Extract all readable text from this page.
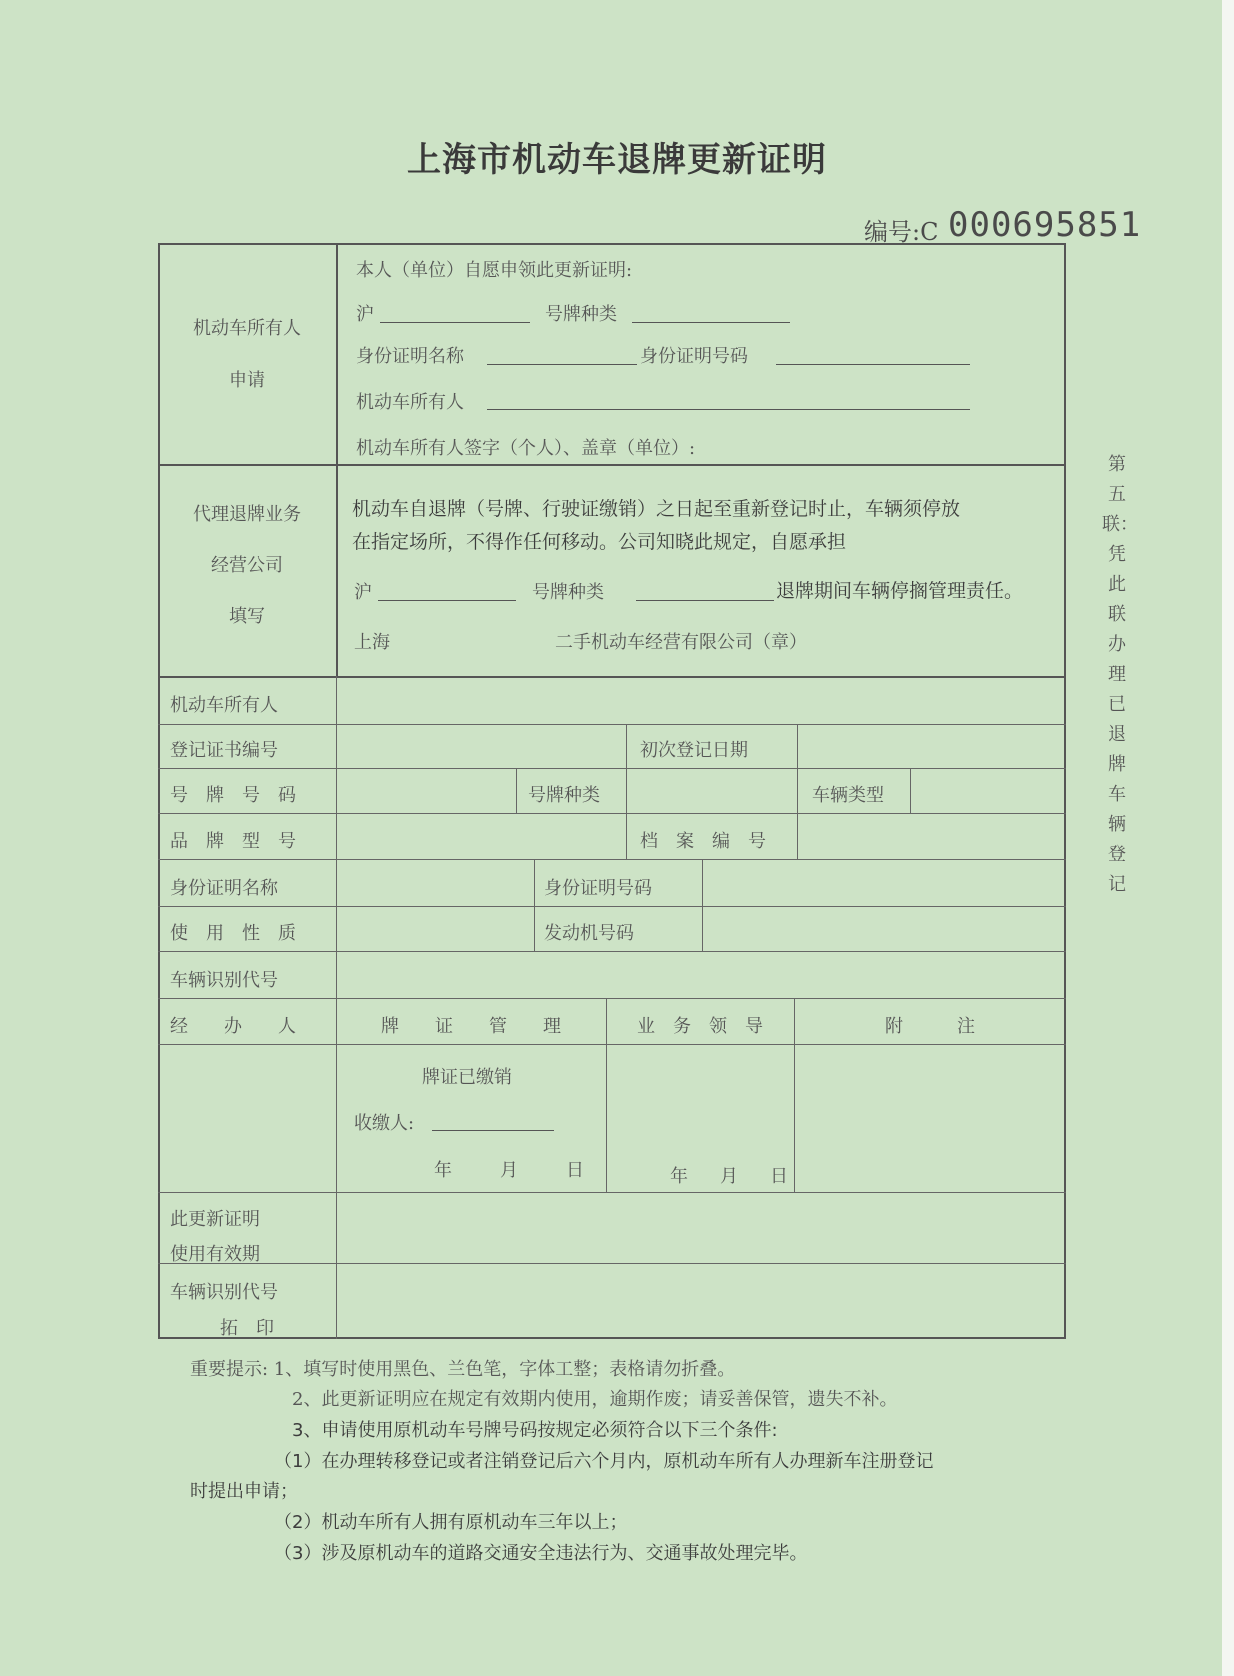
上海市机动车退牌更新证明
编号:C 000695851
机动车所有人
申请
本人（单位）自愿申领此更新证明:
沪	号牌种类
身份证明名称	身份证明号码
机动车所有人
机动车所有人签字（个人）、盖章（单位）:
代理退牌业务
经营公司
填写
机动车自退牌（号牌、行驶证缴销）之日起至重新登记时止，车辆须停放
在指定场所，不得作任何移动。公司知晓此规定，自愿承担
沪	号牌种类	退牌期间车辆停搁管理责任。
上海	二手机动车经营有限公司（章）
机动车所有人
登记证书编号	初次登记日期
号　牌　号　码	号牌种类	车辆类型
品　牌　型　号	档　案　编　号
身份证明名称	身份证明号码
使　用　性　质	发动机号码
车辆识别代号
经　　办　　人	牌　　证　　管　　理	业　务　领　导	附　　　注
牌证已缴销
收缴人:
年	月	日	年 月 日
此更新证明
使用有效期
车辆识别代号
拓　印
第五联：凭此联办理已退牌车辆登记
重要提示: 1、填写时使用黑色、兰色笔，字体工整；表格请勿折叠。
2、此更新证明应在规定有效期内使用，逾期作废；请妥善保管，遗失不补。
3、申请使用原机动车号牌号码按规定必须符合以下三个条件:
（1）在办理转移登记或者注销登记后六个月内，原机动车所有人办理新车注册登记
时提出申请；
（2）机动车所有人拥有原机动车三年以上；
（3）涉及原机动车的道路交通安全违法行为、交通事故处理完毕。
